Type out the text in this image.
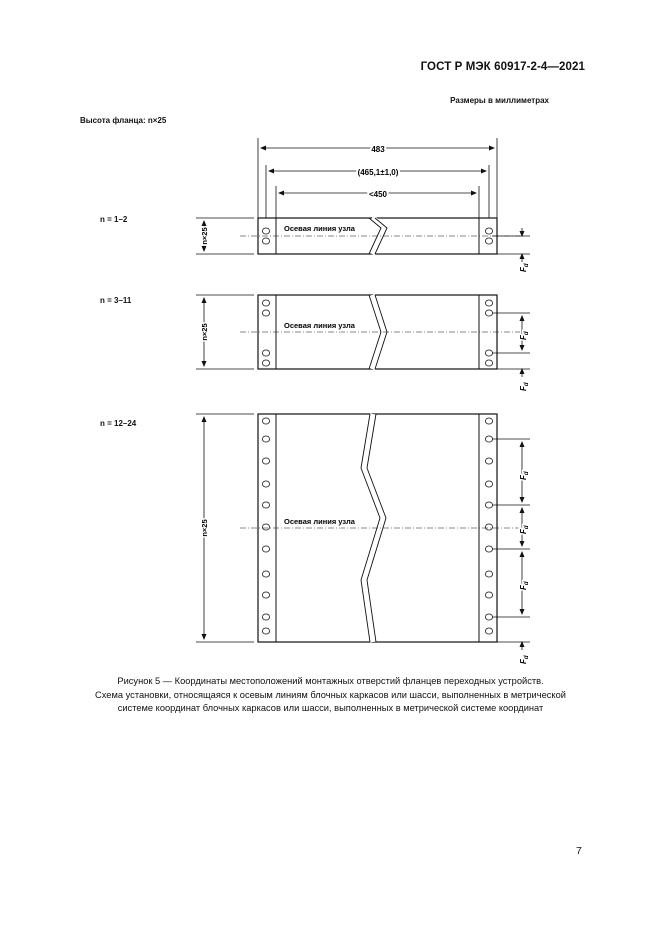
ГОСТ Р МЭК 60917-2-4—2021
Размеры в миллиметрах
Высота фланца: n×25
n = 1–2
n = 3–11
n = 12–24
483
(465,1±1,0)
<450
Осевая линия узла
n×25
$F_d$
Осевая линия узла
n×25	$F_d$
$F_d$
Осевая линия узла
n×25
$F_d$
$F_d$
$F_d$
$F_d$
Рисунок 5 — Координаты местоположений монтажных отверстий фланцев переходных устройств.
Схема установки, относящаяся к осевым линиям блочных каркасов или шасси, выполненных в метрической
системе координат блочных каркасов или шасси, выполненных в метрической системе координат
7
